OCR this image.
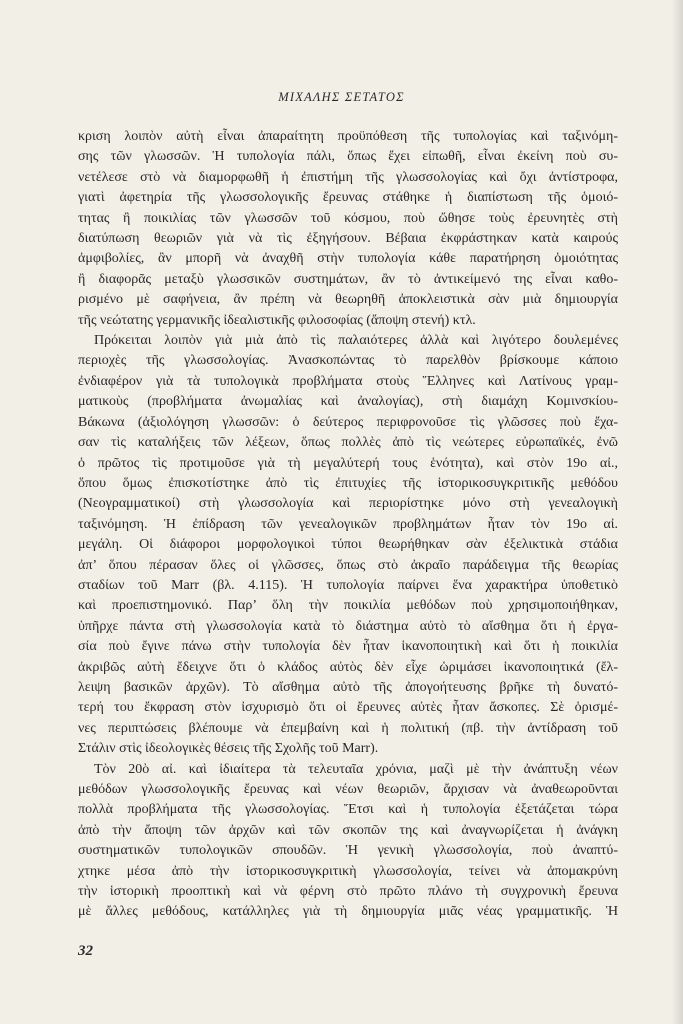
ΜΙΧΑΛΗΣ ΣΕΤΑΤΟΣ
κριση λοιπὸν αὐτὴ εἶναι ἀπαραίτητη προϋπόθεση τῆς τυπολογίας καὶ ταξινόμη-
σης τῶν γλωσσῶν. Ἡ τυπολογία πάλι, ὅπως ἔχει εἰπωθῆ, εἶναι ἐκείνη ποὺ συ-
νετέλεσε στὸ νὰ διαμορφωθῆ ἡ ἐπιστήμη τῆς γλωσσολογίας καὶ ὄχι ἀντίστροφα,
γιατὶ ἀφετηρία τῆς γλωσσολογικῆς ἔρευνας στάθηκε ἡ διαπίστωση τῆς ὁμοιό-
τητας ἢ ποικιλίας τῶν γλωσσῶν τοῦ κόσμου, ποὺ ὤθησε τοὺς ἐρευνητὲς στὴ
διατύπωση θεωριῶν γιὰ νὰ τὶς ἐξηγήσουν. Βέβαια ἐκφράστηκαν κατὰ καιρούς
ἀμφιβολίες, ἂν μπορῆ νὰ ἀναχθῆ στὴν τυπολογία κάθε παρατήρηση ὁμοιότητας
ἢ διαφορᾶς μεταξὺ γλωσσικῶν συστημάτων, ἂν τὸ ἀντικείμενό της εἶναι καθο-
ρισμένο μὲ σαφήνεια, ἂν πρέπη νὰ θεωρηθῆ ἀποκλειστικὰ σὰν μιὰ δημιουργία
τῆς νεώτατης γερμανικῆς ἰδεαλιστικῆς φιλοσοφίας (ἄποψη στενή) κτλ.
Πρόκειται λοιπὸν γιὰ μιὰ ἀπὸ τὶς παλαιότερες ἀλλὰ καὶ λιγότερο δουλεμένες
περιοχὲς τῆς γλωσσολογίας. Ἀνασκοπώντας τὸ παρελθὸν βρίσκουμε κάποιο
ἐνδιαφέρον γιὰ τὰ τυπολογικὰ προβλήματα στοὺς Ἕλληνες καὶ Λατίνους γραμ-
ματικοὺς (προβλήματα ἀνωμαλίας καὶ ἀναλογίας), στὴ διαμάχη Κομινσκίου-
Βάκωνα (ἀξιολόγηση γλωσσῶν: ὁ δεύτερος περιφρονοῦσε τὶς γλῶσσες ποὺ ἔχα-
σαν τὶς καταλήξεις τῶν λέξεων, ὅπως πολλὲς ἀπὸ τὶς νεώτερες εὐρωπαϊκές, ἐνῶ
ὁ πρῶτος τὶς προτιμοῦσε γιὰ τὴ μεγαλύτερή τους ἑνότητα), καὶ στὸν 19ο αἰ.,
ὅπου ὅμως ἐπισκοτίστηκε ἀπὸ τὶς ἐπιτυχίες τῆς ἱστορικοσυγκριτικῆς μεθόδου
(Νεογραμματικοί) στὴ γλωσσολογία καὶ περιορίστηκε μόνο στὴ γενεαλογικὴ
ταξινόμηση. Ἡ ἐπίδραση τῶν γενεαλογικῶν προβλημάτων ἦταν τὸν 19ο αἰ.
μεγάλη. Οἱ διάφοροι μορφολογικοὶ τύποι θεωρήθηκαν σὰν ἐξελικτικὰ στάδια
ἀπ’ ὅπου πέρασαν ὅλες οἱ γλῶσσες, ὅπως στὸ ἀκραῖο παράδειγμα τῆς θεωρίας
σταδίων τοῦ Marr (βλ. 4.115). Ἡ τυπολογία παίρνει ἕνα χαρακτήρα ὑποθετικὸ
καὶ προεπιστημονικό. Παρ’ ὅλη τὴν ποικιλία μεθόδων ποὺ χρησιμοποιήθηκαν,
ὑπῆρχε πάντα στὴ γλωσσολογία κατὰ τὸ διάστημα αὐτὸ τὸ αἴσθημα ὅτι ἡ ἐργα-
σία ποὺ ἔγινε πάνω στὴν τυπολογία δὲν ἦταν ἱκανοποιητικὴ καὶ ὅτι ἡ ποικιλία
ἀκριβῶς αὐτὴ ἔδειχνε ὅτι ὁ κλάδος αὐτὸς δὲν εἶχε ὡριμάσει ἱκανοποιητικά (ἔλ-
λειψη βασικῶν ἀρχῶν). Τὸ αἴσθημα αὐτὸ τῆς ἀπογοήτευσης βρῆκε τὴ δυνατό-
τερή του ἔκφραση στὸν ἰσχυρισμὸ ὅτι οἱ ἔρευνες αὐτὲς ἦταν ἄσκοπες. Σὲ ὁρισμέ-
νες περιπτώσεις βλέπουμε νὰ ἐπεμβαίνη καὶ ἡ πολιτική (πβ. τὴν ἀντίδραση τοῦ
Στάλιν στὶς ἰδεολογικὲς θέσεις τῆς Σχολῆς τοῦ Marr).
Τὸν 20ὸ αἰ. καὶ ἰδιαίτερα τὰ τελευταῖα χρόνια, μαζὶ μὲ τὴν ἀνάπτυξη νέων
μεθόδων γλωσσολογικῆς ἔρευνας καὶ νέων θεωριῶν, ἄρχισαν νὰ ἀναθεωροῦνται
πολλὰ προβλήματα τῆς γλωσσολογίας. Ἔτσι καὶ ἡ τυπολογία ἐξετάζεται τώρα
ἀπὸ τὴν ἄποψη τῶν ἀρχῶν καὶ τῶν σκοπῶν της καὶ ἀναγνωρίζεται ἡ ἀνάγκη
συστηματικῶν τυπολογικῶν σπουδῶν. Ἡ γενικὴ γλωσσολογία, ποὺ ἀναπτύ-
χτηκε μέσα ἀπὸ τὴν ἱστορικοσυγκριτικὴ γλωσσολογία, τείνει νὰ ἀπομακρύνη
τὴν ἱστορικὴ προοπτικὴ καὶ νὰ φέρνη στὸ πρῶτο πλάνο τὴ συγχρονικὴ ἔρευνα
μὲ ἄλλες μεθόδους, κατάλληλες γιὰ τὴ δημιουργία μιᾶς νέας γραμματικῆς. Ἡ
32
